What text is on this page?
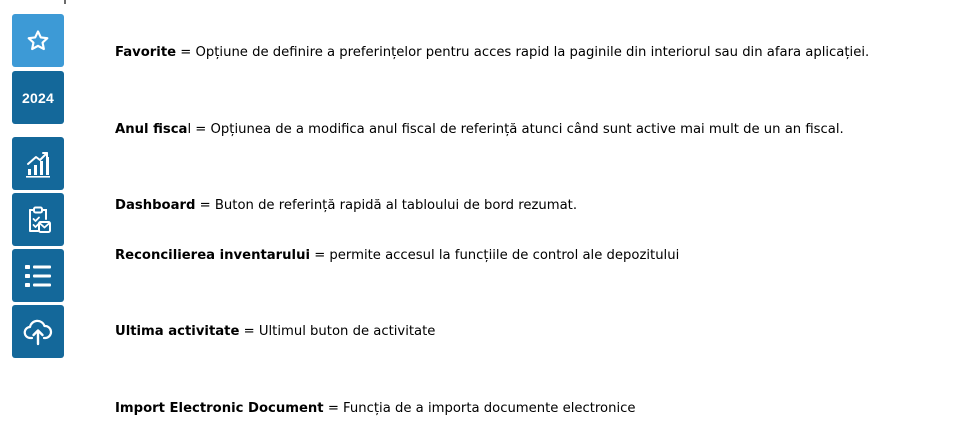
2024
Favorite = Opțiune de definire a preferințelor pentru acces rapid la paginile din interiorul sau din afara aplicației.
Anul fiscal = Opțiunea de a modifica anul fiscal de referință atunci când sunt active mai mult de un an fiscal.
Dashboard = Buton de referință rapidă al tabloului de bord rezumat.
Reconcilierea inventarului = permite accesul la funcțiile de control ale depozitului
Ultima activitate = Ultimul buton de activitate
Import Electronic Document = Funcția de a importa documente electronice
